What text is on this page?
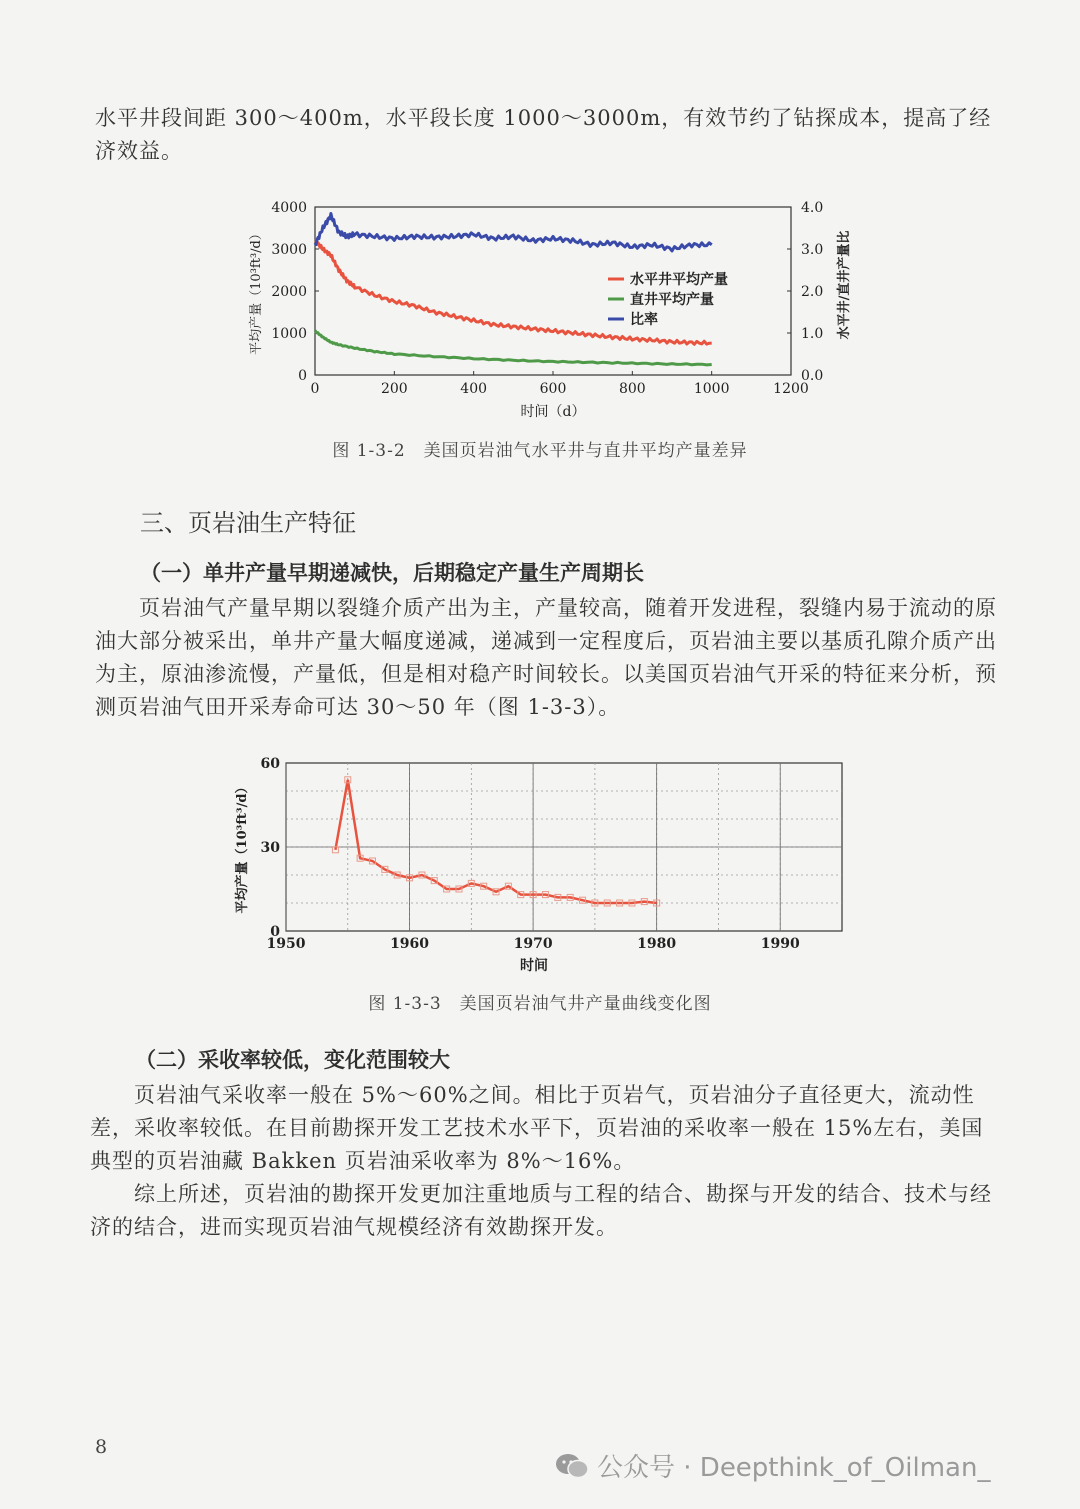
水平井段间距 300～400m，水平段长度 1000～3000m，有效节约了钻探成本，提高了经济效益。

0	200	400	600	800	1000	1200
0
1000
2000
3000
4000
0.0
1.0
2.0
3.0
4.0
时间（d）
平均产量（10³ft³/d）	水平井/直井产量比
水平井平均产量
直井平均产量
比率
图 1-3-2　美国页岩油气水平井与直井平均产量差异
三、页岩油生产特征
（一）单井产量早期递减快，后期稳定产量生产周期长

页岩油气产量早期以裂缝介质产出为主，产量较高，随着开发进程，裂缝内易于流动的原油大部分被采出，单井产量大幅度递减，递减到一定程度后，页岩油主要以基质孔隙介质产出为主，原油渗流慢，产量低，但是相对稳产时间较长。以美国页岩油气开采的特征来分析，预测页岩油气田开采寿命可达 30～50 年（图 1-3-3）。

1950	1960	1970	1980	1990
0
30
60
时间
平均产量（10³ft³/d）
图 1-3-3　美国页岩油气井产量曲线变化图
（二）采收率较低，变化范围较大

页岩油气采收率一般在 5%～60%之间。相比于页岩气，页岩油分子直径更大，流动性差，采收率较低。在目前勘探开发工艺技术水平下，页岩油的采收率一般在 15%左右，美国典型的页岩油藏 Bakken 页岩油采收率为 8%～16%。

综上所述，页岩油的勘探开发更加注重地质与工程的结合、勘探与开发的结合、技术与经济的结合，进而实现页岩油气规模经济有效勘探开发。

8
公众号 · Deepthink_of_Oilman_
